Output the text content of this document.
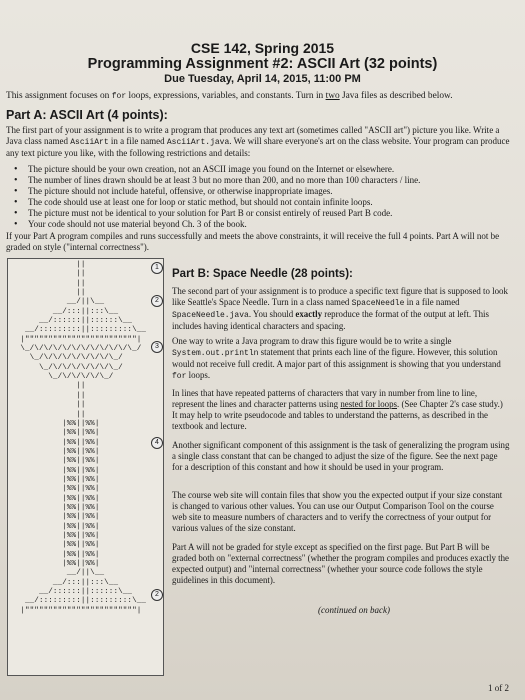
CSE 142, Spring 2015
Programming Assignment #2: ASCII Art (32 points)
Due Tuesday, April 14, 2015, 11:00 PM
This assignment focuses on for loops, expressions, variables, and constants. Turn in two Java files as described below.
Part A: ASCII Art (4 points):
The first part of your assignment is to write a program that produces any text art (sometimes called "ASCII art") picture you like. Write a Java class named AsciiArt in a file named AsciiArt.java. We will share everyone's art on the class website. Your program can produce any text picture you like, with the following restrictions and details:
• The picture should be your own creation, not an ASCII image you found on the Internet or elsewhere.
• The number of lines drawn should be at least 3 but no more than 200, and no more than 100 characters / line.
• The picture should not include hateful, offensive, or otherwise inappropriate images.
• The code should use at least one for loop or static method, but should not contain infinite loops.
• The picture must not be identical to your solution for Part B or consist entirely of reused Part B code.
• Your code should not use material beyond Ch. 3 of the book.
If your Part A program compiles and runs successfully and meets the above constraints, it will receive the full 4 points. Part A will not be graded on style ("internal correctness").
||
||
||
||
__/||\__
__/:::||:::\__
__/::::::||::::::\__
__/:::::::::||:::::::::\__
|""""""""""""""""""""""""|
\_/\/\/\/\/\/\/\/\/\/\/\_/
\_/\/\/\/\/\/\/\/\_/
\_/\/\/\/\/\/\/\_/
\_/\/\/\/\/\_/
||
||
||
||
|%%||%%|
|%%||%%|
|%%||%%|
|%%||%%|
|%%||%%|
|%%||%%|
|%%||%%|
|%%||%%|
|%%||%%|
|%%||%%|
|%%||%%|
|%%||%%|
|%%||%%|
|%%||%%|
|%%||%%|
|%%||%%|
__/||\__
__/:::||:::\__
__/::::::||::::::\__
__/:::::::::||:::::::::\__
|""""""""""""""""""""""""|
1
2
3
4
2
Part B: Space Needle (28 points):

The second part of your assignment is to produce a specific text figure that is supposed to look like Seattle's Space Needle. Turn in a class named SpaceNeedle in a file named SpaceNeedle.java. You should exactly reproduce the format of the output at left. This includes having identical characters and spacing.

One way to write a Java program to draw this figure would be to write a single System.out.println statement that prints each line of the figure. However, this solution would not receive full credit. A major part of this assignment is showing that you understand for loops.

In lines that have repeated patterns of characters that vary in number from line to line, represent the lines and character patterns using nested for loops. (See Chapter 2's case study.) It may help to write pseudocode and tables to understand the patterns, as described in the textbook and lecture.

Another significant component of this assignment is the task of generalizing the program using a single class constant that can be changed to adjust the size of the figure. See the next page for a description of this constant and how it should be used in your program.

The course web site will contain files that show you the expected output if your size constant is changed to various other values. You can use our Output Comparison Tool on the course web site to measure numbers of characters and to verify the correctness of your output for various values of the size constant.

Part A will not be graded for style except as specified on the first page. But Part B will be graded both on "external correctness" (whether the program compiles and produces exactly the expected output) and "internal correctness" (whether your source code follows the style guidelines in this document).

(continued on back)
1 of 2
